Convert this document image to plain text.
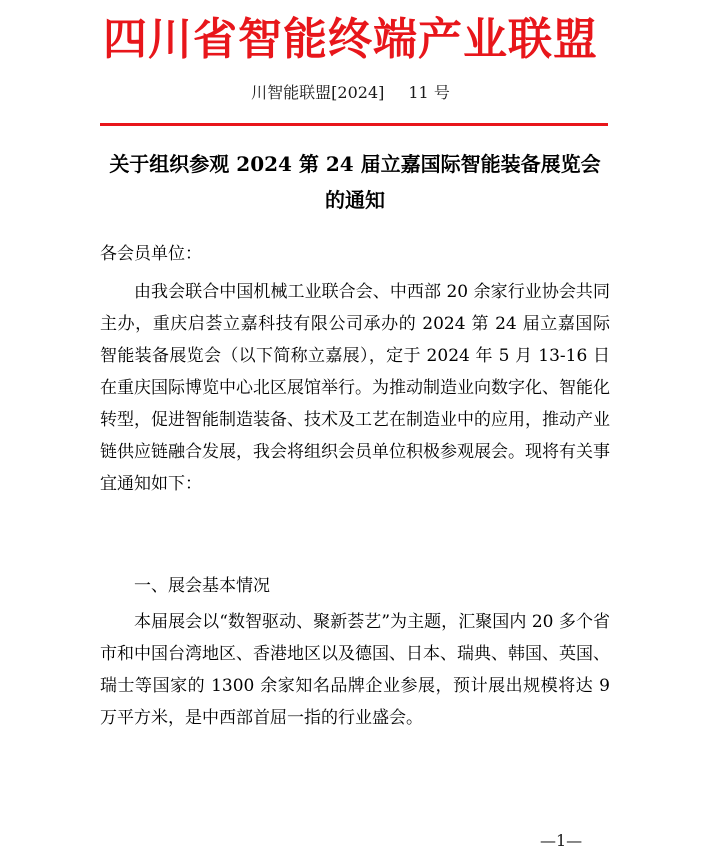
四川省智能终端产业联盟
川智能联盟[2024] 11 号
关于组织参观 2024 第 24 届立嘉国际智能装备展览会的通知
各会员单位：

由我会联合中国机械工业联合会、中西部 20 余家行业协会共同主办，重庆启荟立嘉科技有限公司承办的 2024 第 24 届立嘉国际智能装备展览会（以下简称立嘉展），定于 2024 年 5 月 13-16 日在重庆国际博览中心北区展馆举行。为推动制造业向数字化、智能化转型，促进智能制造装备、技术及工艺在制造业中的应用，推动产业链供应链融合发展，我会将组织会员单位积极参观展会。现将有关事宜通知如下：

一、展会基本情况

本届展会以“数智驱动、聚新荟艺”为主题，汇聚国内 20 多个省市和中国台湾地区、香港地区以及德国、日本、瑞典、韩国、英国、瑞士等国家的 1300 余家知名品牌企业参展，预计展出规模将达 9 万平方米，是中西部首屈一指的行业盛会。

—1—
